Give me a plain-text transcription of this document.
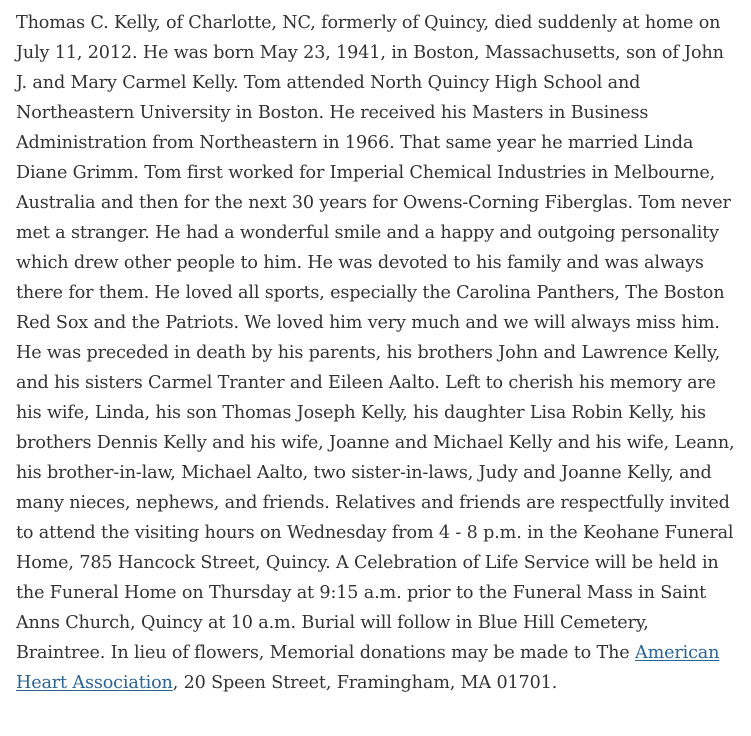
Thomas C. Kelly, of Charlotte, NC, formerly of Quincy, died suddenly at home on July 11, 2012. He was born May 23, 1941, in Boston, Massachusetts, son of John J. and Mary Carmel Kelly. Tom attended North Quincy High School and Northeastern University in Boston. He received his Masters in Business Administration from Northeastern in 1966. That same year he married Linda Diane Grimm. Tom first worked for Imperial Chemical Industries in Melbourne, Australia and then for the next 30 years for Owens-Corning Fiberglas. Tom never met a stranger. He had a wonderful smile and a happy and outgoing personality which drew other people to him. He was devoted to his family and was always there for them. He loved all sports, especially the Carolina Panthers, The Boston Red Sox and the Patriots. We loved him very much and we will always miss him. He was preceded in death by his parents, his brothers John and Lawrence Kelly, and his sisters Carmel Tranter and Eileen Aalto. Left to cherish his memory are his wife, Linda, his son Thomas Joseph Kelly, his daughter Lisa Robin Kelly, his brothers Dennis Kelly and his wife, Joanne and Michael Kelly and his wife, Leann, his brother-in-law, Michael Aalto, two sister-in-laws, Judy and Joanne Kelly, and many nieces, nephews, and friends. Relatives and friends are respectfully invited to attend the visiting hours on Wednesday from 4 - 8 p.m. in the Keohane Funeral Home, 785 Hancock Street, Quincy. A Celebration of Life Service will be held in the Funeral Home on Thursday at 9:15 a.m. prior to the Funeral Mass in Saint Anns Church, Quincy at 10 a.m. Burial will follow in Blue Hill Cemetery, Braintree. In lieu of flowers, Memorial donations may be made to The American Heart Association, 20 Speen Street, Framingham, MA 01701.
